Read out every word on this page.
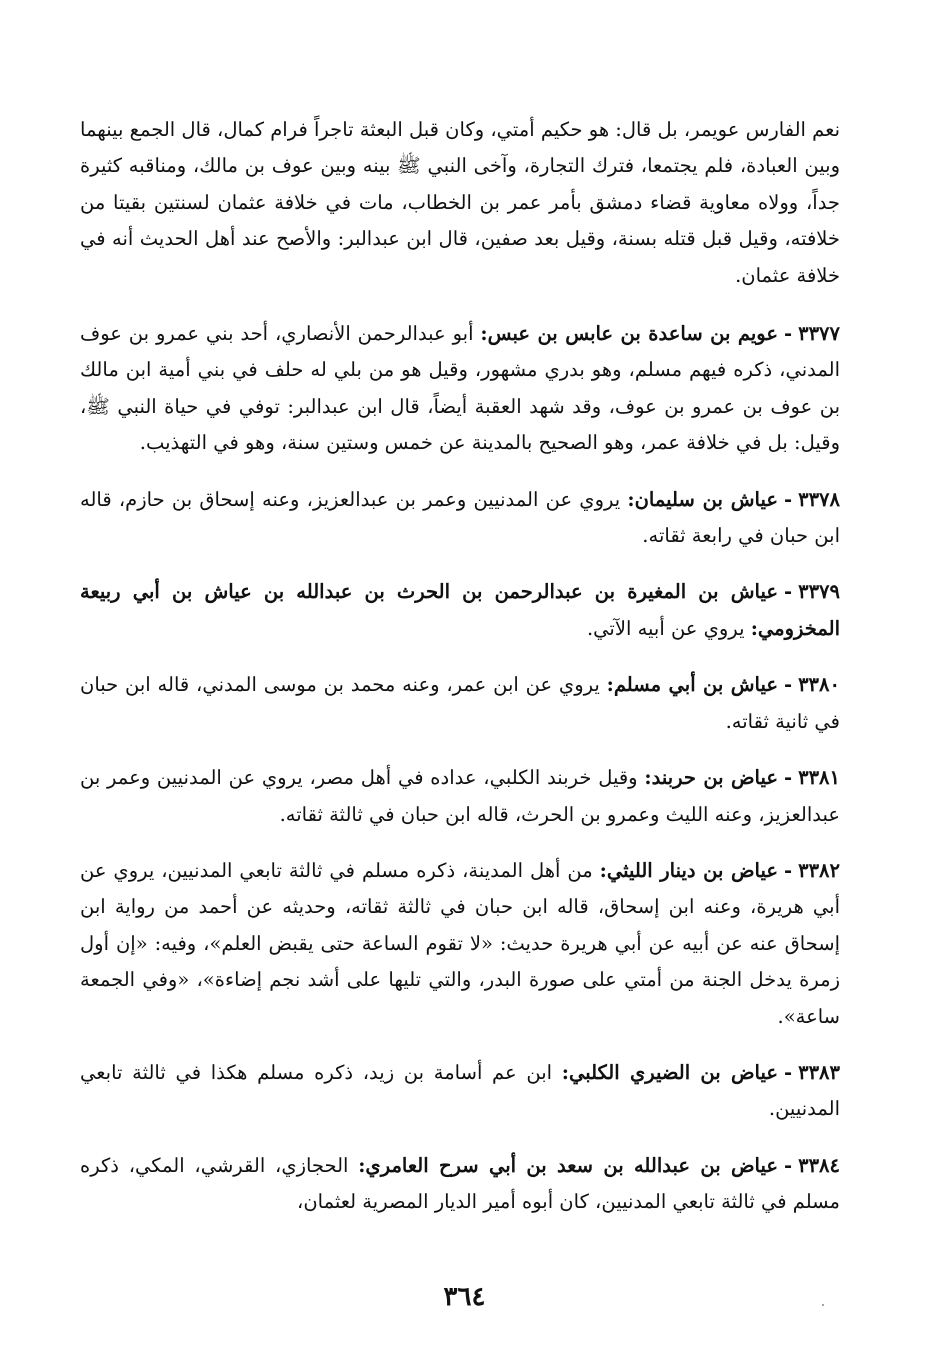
نعم الفارس عويمر، بل قال: هو حكيم أمتي، وكان قبل البعثة تاجراً فرام كمال، قال الجمع بينهما وبين العبادة، فلم يجتمعا، فترك التجارة، وآخى النبي ﷺ بينه وبين عوف بن مالك، ومناقبه كثيرة جداً، وولاه معاوية قضاء دمشق بأمر عمر بن الخطاب، مات في خلافة عثمان لسنتين بقيتا من خلافته، وقيل قبل قتله بسنة، وقيل بعد صفين، قال ابن عبدالبر: والأصح عند أهل الحديث أنه في خلافة عثمان.

٣٣٧٧-عويم بن ساعدة بن عابس بن عبس: أبو عبدالرحمن الأنصاري، أحد بني عمرو بن عوف المدني، ذكره فيهم مسلم، وهو بدري مشهور، وقيل هو من بلي له حلف في بني أمية ابن مالك بن عوف بن عمرو بن عوف، وقد شهد العقبة أيضاً، قال ابن عبدالبر: توفي في حياة النبي ﷺ، وقيل: بل في خلافة عمر، وهو الصحيح بالمدينة عن خمس وستين سنة، وهو في التهذيب.

٣٣٧٨-عياش بن سليمان: يروي عن المدنيين وعمر بن عبدالعزيز، وعنه إسحاق بن حازم، قاله ابن حبان في رابعة ثقاته.

٣٣٧٩-عياش بن المغيرة بن عبدالرحمن بن الحرث بن عبدالله بن عياش بن أبي ربيعة المخزومي: يروي عن أبيه الآتي.

٣٣٨٠-عياش بن أبي مسلم: يروي عن ابن عمر، وعنه محمد بن موسى المدني، قاله ابن حبان في ثانية ثقاته.

٣٣٨١-عياض بن حربند: وقيل خربند الكلبي، عداده في أهل مصر، يروي عن المدنيين وعمر بن عبدالعزيز، وعنه الليث وعمرو بن الحرث، قاله ابن حبان في ثالثة ثقاته.

٣٣٨٢-عياض بن دينار الليثي: من أهل المدينة، ذكره مسلم في ثالثة تابعي المدنيين، يروي عن أبي هريرة، وعنه ابن إسحاق، قاله ابن حبان في ثالثة ثقاته، وحديثه عن أحمد من رواية ابن إسحاق عنه عن أبيه عن أبي هريرة حديث: «لا تقوم الساعة حتى يقبض العلم»، وفيه: «إن أول زمرة يدخل الجنة من أمتي على صورة البدر، والتي تليها على أشد نجم إضاءة»، «وفي الجمعة ساعة».

٣٣٨٣-عياض بن الضيري الكلبي: ابن عم أسامة بن زيد، ذكره مسلم هكذا في ثالثة تابعي المدنيين.

٣٣٨٤-عياض بن عبدالله بن سعد بن أبي سرح العامري: الحجازي، القرشي، المكي، ذكره مسلم في ثالثة تابعي المدنيين، كان أبوه أمير الديار المصرية لعثمان،

٣٦٤
